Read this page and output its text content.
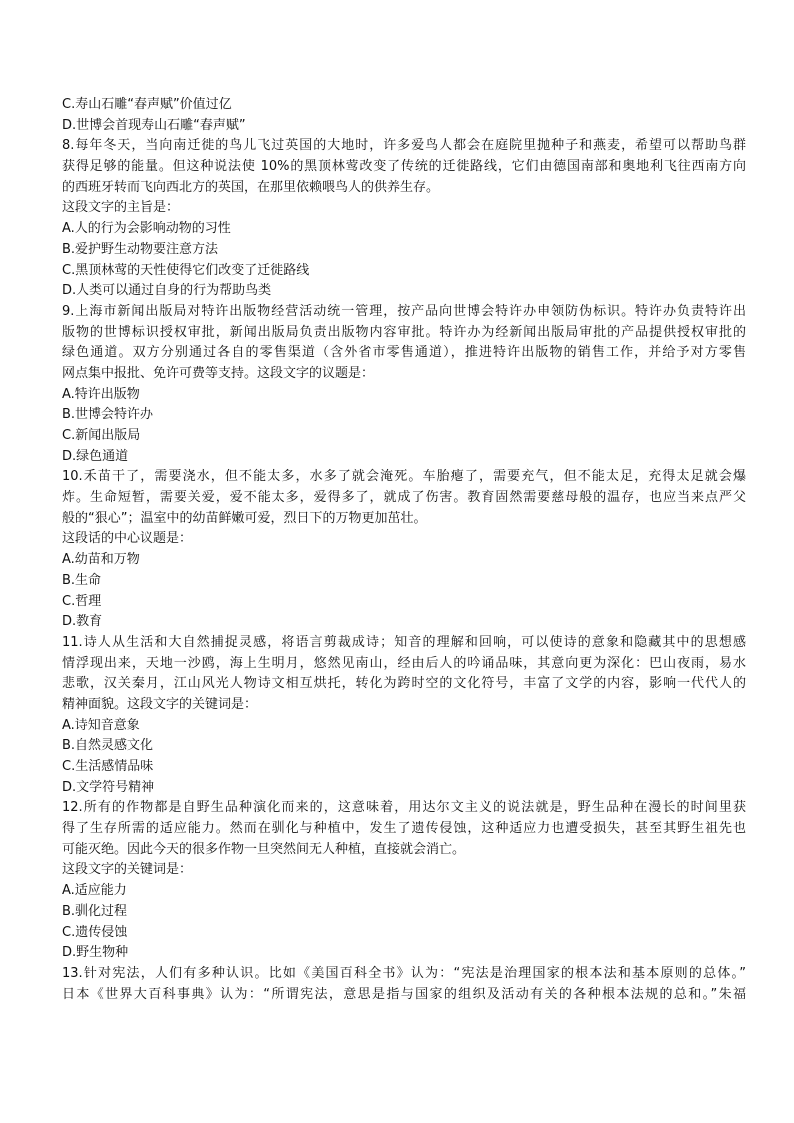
C.寿山石雕“春声赋”价值过亿
D.世博会首现寿山石雕“春声赋”
8.每年冬天，当向南迁徙的鸟儿飞过英国的大地时，许多爱鸟人都会在庭院里抛种子和燕麦，希望可以帮助鸟群
获得足够的能量。但这种说法使 10%的黑顶林莺改变了传统的迁徙路线，它们由德国南部和奥地利飞往西南方向
的西班牙转而飞向西北方的英国，在那里依赖喂鸟人的供养生存。
这段文字的主旨是：
A.人的行为会影响动物的习性
B.爱护野生动物要注意方法
C.黑顶林莺的天性使得它们改变了迁徙路线
D.人类可以通过自身的行为帮助鸟类
9.上海市新闻出版局对特许出版物经营活动统一管理，按产品向世博会特许办申领防伪标识。特许办负责特许出
版物的世博标识授权审批，新闻出版局负责出版物内容审批。特许办为经新闻出版局审批的产品提供授权审批的
绿色通道。双方分别通过各自的零售渠道（含外省市零售通道），推进特许出版物的销售工作，并给予对方零售
网点集中报批、免许可费等支持。这段文字的议题是：
A.特许出版物
B.世博会特许办
C.新闻出版局
D.绿色通道
10.禾苗干了，需要浇水，但不能太多，水多了就会淹死。车胎瘪了，需要充气，但不能太足，充得太足就会爆
炸。生命短暂，需要关爱，爱不能太多，爱得多了，就成了伤害。教育固然需要慈母般的温存，也应当来点严父
般的“狠心”；温室中的幼苗鲜嫩可爱，烈日下的万物更加茁壮。
这段话的中心议题是：
A.幼苗和万物
B.生命
C.哲理
D.教育
11.诗人从生活和大自然捕捉灵感，将语言剪裁成诗；知音的理解和回响，可以使诗的意象和隐藏其中的思想感
情浮现出来，天地一沙鸥，海上生明月，悠然见南山，经由后人的吟诵品味，其意向更为深化：巴山夜雨，易水
悲歌，汉关秦月，江山风光人物诗文相互烘托，转化为跨时空的文化符号，丰富了文学的内容，影响一代代人的
精神面貌。这段文字的关键词是：
A.诗知音意象
B.自然灵感文化
C.生活感情品味
D.文学符号精神
12.所有的作物都是自野生品种演化而来的，这意味着，用达尔文主义的说法就是，野生品种在漫长的时间里获
得了生存所需的适应能力。然而在驯化与种植中，发生了遗传侵蚀，这种适应力也遭受损失，甚至其野生祖先也
可能灭绝。因此今天的很多作物一旦突然间无人种植，直接就会消亡。
这段文字的关键词是：
A.适应能力
B.驯化过程
C.遗传侵蚀
D.野生物种
13.针对宪法，人们有多种认识。比如《美国百科全书》认为：“宪法是治理国家的根本法和基本原则的总体。”
日本《世界大百科事典》认为：“所谓宪法，意思是指与国家的组织及活动有关的各种根本法规的总和。”朱福
